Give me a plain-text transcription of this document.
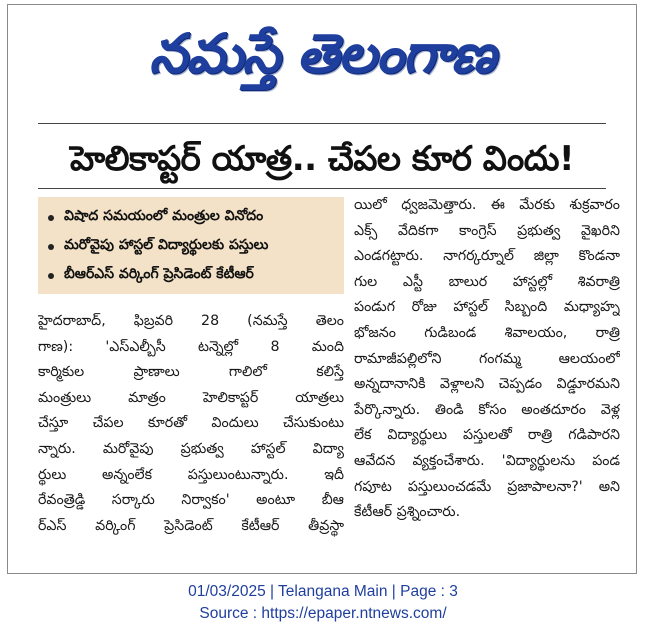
నమస్తే తెలంగాణ
హెలికాప్టర్ యాత్ర.. చేపల కూర విందు!
విషాద సమయంలో మంత్రుల వినోదం
మరోవైపు హాస్టల్ విద్యార్థులకు పస్తులు
బీఆర్ఎస్ వర్కింగ్ ప్రెసిడెంట్ కేటీఆర్
హైదరాబాద్, ఫిబ్రవరి 28 (నమస్తే తెలం
గాణ): 'ఎస్ఎల్బీసీ టన్నెల్లో 8 మంది
కార్మికుల ప్రాణాలు గాలిలో కలిస్తే
మంత్రులు మాత్రం హెలికాప్టర్ యాత్రలు
చేస్తూ చేపల కూరతో విందులు చేసుకుంటు
న్నారు. మరోవైపు ప్రభుత్వ హాస్టల్ విద్యా
ర్థులు అన్నంలేక పస్తులుంటున్నారు. ఇదీ
రేవంత్రెడ్డి సర్కారు నిర్వాకం' అంటూ బీఆ
ర్ఎస్ వర్కింగ్ ప్రెసిడెంట్ కేటీఆర్ తీవ్రస్థా
యిలో ధ్వజమెత్తారు. ఈ మేరకు శుక్రవారం
ఎక్స్ వేదికగా కాంగ్రెస్ ప్రభుత్వ వైఖరిని
ఎండగట్టారు. నాగర్కర్నూల్ జిల్లా కొండనా
గుల ఎస్టీ బాలుర హాస్టల్లో శివరాత్రి
పండుగ రోజు హాస్టల్ సిబ్బంది మధ్యాహ్న
భోజనం గుడిబండ శివాలయం, రాత్రి
రామాజీపల్లిలోని గంగమ్మ ఆలయంలో
అన్నదానానికి వెళ్లాలని చెప్పడం విడ్డూరమని
పేర్కొన్నారు. తిండి కోసం అంతదూరం వెళ్ల
లేక విద్యార్థులు పస్తులతో రాత్రి గడిపారని
ఆవేదన వ్యక్తంచేశారు. 'విద్యార్థులను పండ
గపూట పస్తులుంచడమే ప్రజాపాలనా?' అని
కేటీఆర్ ప్రశ్నించారు.
01/03/2025 | Telangana Main | Page : 3
Source : https://epaper.ntnews.com/
